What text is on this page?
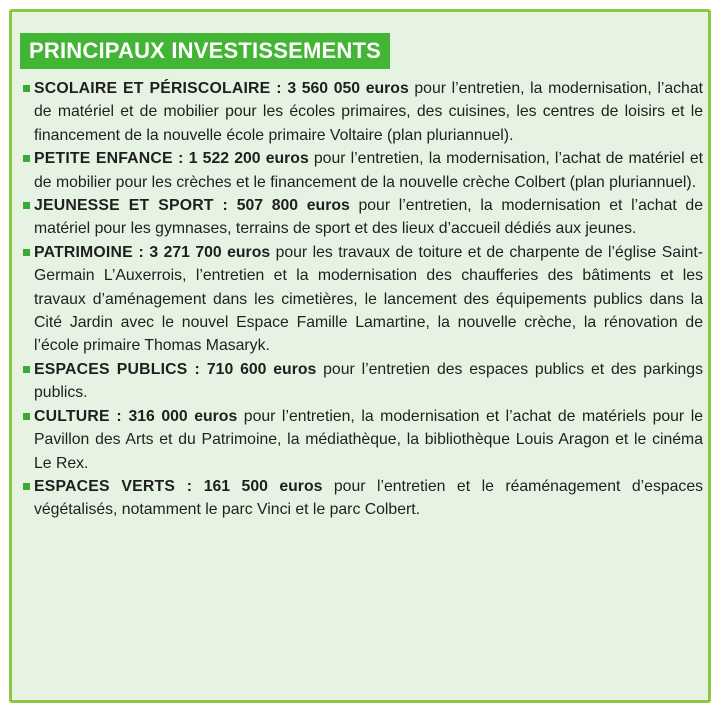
PRINCIPAUX INVESTISSEMENTS
SCOLAIRE ET PÉRISCOLAIRE : 3 560 050 euros pour l’entretien, la modernisation, l’achat de matériel et de mobilier pour les écoles primaires, des cuisines, les centres de loisirs et le financement de la nouvelle école primaire Voltaire (plan pluriannuel).
PETITE ENFANCE : 1 522 200 euros pour l’entretien, la modernisation, l’achat de matériel et de mobilier pour les crèches et le financement de la nouvelle crèche Colbert (plan pluriannuel).
JEUNESSE ET SPORT : 507 800 euros pour l’entretien, la modernisation et l’achat de matériel pour les gymnases, terrains de sport et des lieux d’accueil dédiés aux jeunes.
PATRIMOINE : 3 271 700 euros pour les travaux de toiture et de charpente de l’église Saint-Germain L’Auxerrois, l’entretien et la modernisation des chaufferies des bâtiments et les travaux d’aménagement dans les cimetières, le lancement des équipements publics dans la Cité Jardin avec le nouvel Espace Famille Lamartine, la nouvelle crèche, la rénovation de l’école primaire Thomas Masaryk.
ESPACES PUBLICS : 710 600 euros pour l’entretien des espaces publics et des parkings publics.
CULTURE : 316 000 euros pour l’entretien, la modernisation et l’achat de matériels pour le Pavillon des Arts et du Patrimoine, la médiathèque, la bibliothèque Louis Aragon et le cinéma Le Rex.
ESPACES VERTS : 161 500 euros pour l’entretien et le réaménagement d’espaces végétalisés, notamment le parc Vinci et le parc Colbert.
